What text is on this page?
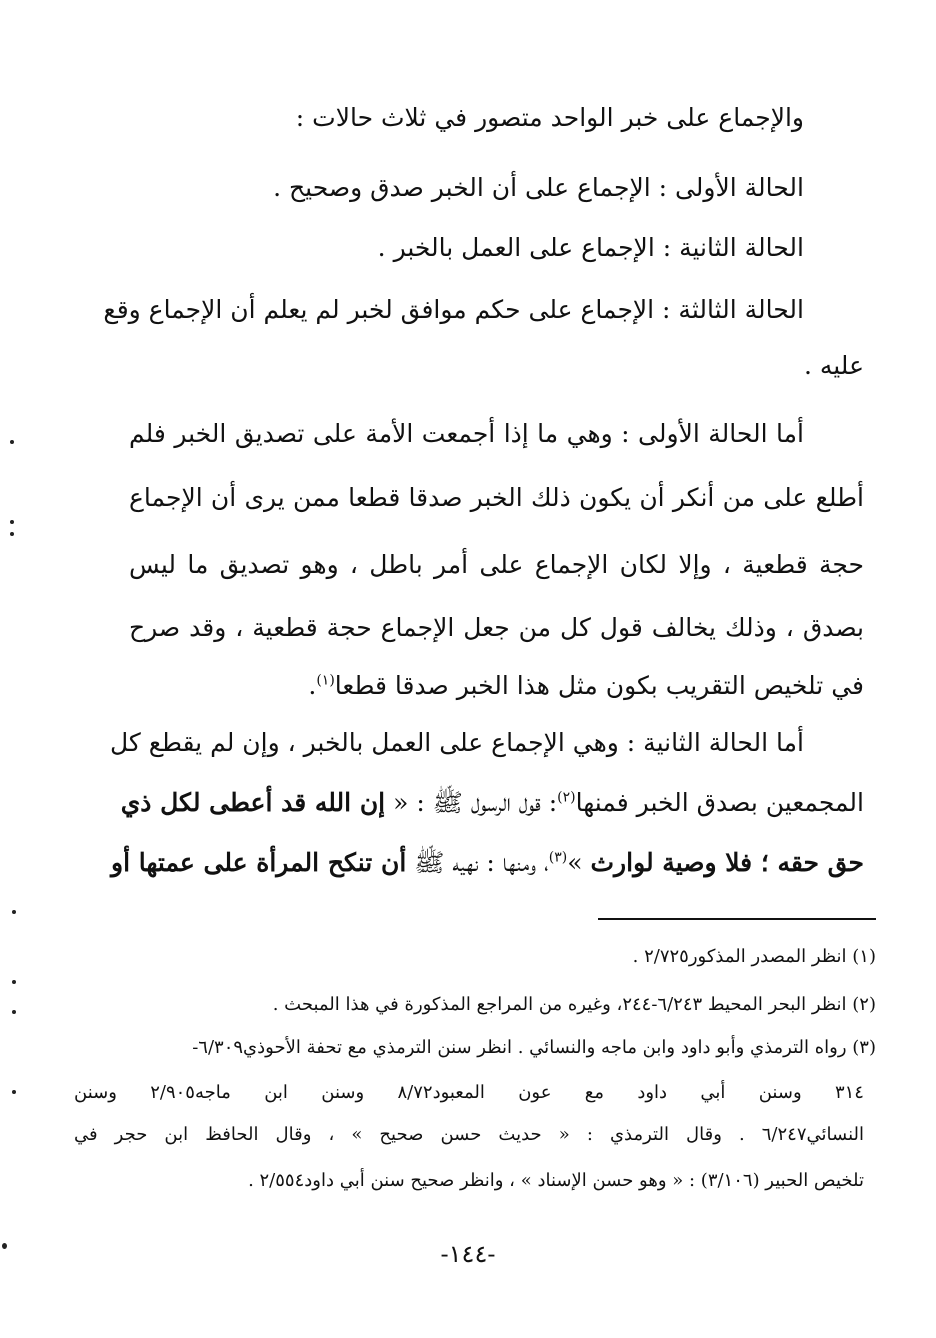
والإجماع على خبر الواحد متصور في ثلاث حالات :
الحالة الأولى : الإجماع على أن الخبر صدق وصحيح .
الحالة الثانية : الإجماع على العمل بالخبر .
الحالة الثالثة : الإجماع على حكم موافق لخبر لم يعلم أن الإجماع وقع
عليه .
أما الحالة الأولى : وهي ما إذا أجمعت الأمة على تصديق الخبر فلم
أطلع على من أنكر أن يكون ذلك الخبر صدقا قطعا ممن يرى أن الإجماع
حجة قطعية ، وإلا لكان الإجماع على أمر باطل ، وهو تصديق ما ليس
بصدق ، وذلك يخالف قول كل من جعل الإجماع حجة قطعية ، وقد صرح
في تلخيص التقريب بكون مثل هذا الخبر صدقا قطعا$^{(١)}$.
أما الحالة الثانية : وهي الإجماع على العمل بالخبر ، وإن لم يقطع كل
المجمعين بصدق الخبر فمنها$^{(٢)}$: قول الرسول ﷺ : « إن الله قد أعطى لكل ذي
حق حقه ؛ فلا وصية لوارث »$^{(٣)}$، ومنها : نهيه ﷺ أن تنكح المرأة على عمتها أو
(١) انظر المصدر المذكور٢/٧٢٥ .
(٢) انظر البحر المحيط ٦/٢٤٣-٢٤٤، وغيره من المراجع المذكورة في هذا المبحث .
(٣) رواه الترمذي وأبو داود وابن ماجه والنسائي . انظر سنن الترمذي مع تحفة الأحوذي٦/٣٠٩-
٣١٤ وسنن أبي داود مع عون المعبود٨/٧٢ وسنن ابن ماجه٢/٩٠٥ وسنن
النسائي٦/٢٤٧ . وقال الترمذي : « حديث حسن صحيح » ، وقال الحافظ ابن حجر في
تلخيص الحبير (٣/١٠٦) : « وهو حسن الإسناد » ، وانظر صحيح سنن أبي داود٢/٥٥٤ .
-١٤٤-
